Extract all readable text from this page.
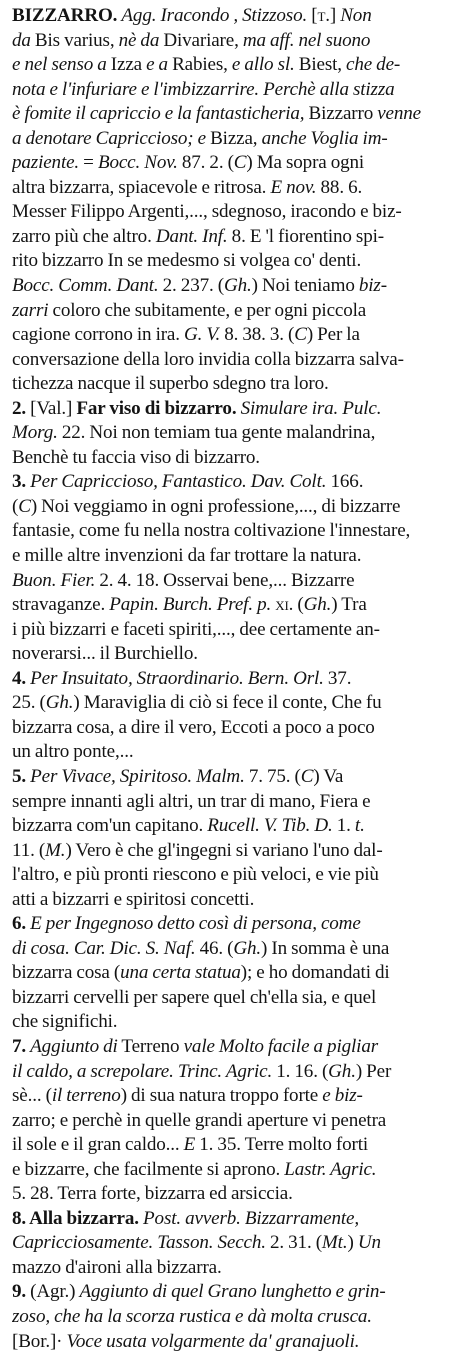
BIZZARRO. Agg. Iracondo , Stizzoso. [t.] Non
da Bis varius, nè da Divariare, ma aff. nel suono
e nel senso a Izza e a Rabies, e allo sl. Biest, che de-
nota e l'infuriare e l'imbizzarrire. Perchè alla stizza
è fomite il capriccio e la fantasticheria, Bizzarro venne
a denotare Capriccioso; e Bizza, anche Voglia im-
paziente. = Bocc. Nov. 87. 2. (C) Ma sopra ogni
altra bizzarra, spiacevole e ritrosa. E nov. 88. 6.
Messer Filippo Argenti,..., sdegnoso, iracondo e biz-
zarro più che altro. Dant. Inf. 8. E 'l fiorentino spi-
rito bizzarro In se medesmo si volgea co' denti.
Bocc. Comm. Dant. 2. 237. (Gh.) Noi teniamo biz-
zarri coloro che subitamente, e per ogni piccola
cagione corrono in ira. G. V. 8. 38. 3. (C) Per la
conversazione della loro invidia colla bizzarra salva-
tichezza nacque il superbo sdegno tra loro.
2. [Val.] Far viso di bizzarro. Simulare ira. Pulc.
Morg. 22. Noi non temiam tua gente malandrina,
Benchè tu faccia viso di bizzarro.
3. Per Capriccioso, Fantastico. Dav. Colt. 166.
(C) Noi veggiamo in ogni professione,..., di bizzarre
fantasie, come fu nella nostra coltivazione l'innestare,
e mille altre invenzioni da far trottare la natura.
Buon. Fier. 2. 4. 18. Osservai bene,... Bizzarre
stravaganze. Papin. Burch. Pref. p. xi. (Gh.) Tra
i più bizzarri e faceti spiriti,..., dee certamente an-
noverarsi... il Burchiello.
4. Per Insuitato, Straordinario. Bern. Orl. 37.
25. (Gh.) Maraviglia di ciò si fece il conte, Che fu
bizzarra cosa, a dire il vero, Eccoti a poco a poco
un altro ponte,...
5. Per Vivace, Spiritoso. Malm. 7. 75. (C) Va
sempre innanti agli altri, un trar di mano, Fiera e
bizzarra com'un capitano. Rucell. V. Tib. D. 1. t.
11. (M.) Vero è che gl'ingegni si variano l'uno dal-
l'altro, e più pronti riescono e più veloci, e vie più
atti a bizzarri e spiritosi concetti.
6. E per Ingegnoso detto così di persona, come
di cosa. Car. Dic. S. Naf. 46. (Gh.) In somma è una
bizzarra cosa (una certa statua); e ho domandati di
bizzarri cervelli per sapere quel ch'ella sia, e quel
che significhi.
7. Aggiunto di Terreno vale Molto facile a pigliar
il caldo, a screpolare. Trinc. Agric. 1. 16. (Gh.) Per
sè... (il terreno) di sua natura troppo forte e biz-
zarro; e perchè in quelle grandi aperture vi penetra
il sole e il gran caldo... E 1. 35. Terre molto forti
e bizzarre, che facilmente si aprono. Lastr. Agric.
5. 28. Terra forte, bizzarra ed arsiccia.
8. Alla bizzarra. Post. avverb. Bizzarramente,
Capricciosamente. Tasson. Secch. 2. 31. (Mt.) Un
mazzo d'aironi alla bizzarra.
9. (Agr.) Aggiunto di quel Grano lunghetto e grin-
zoso, che ha la scorza rustica e dà molta crusca.
[Bor.]· Voce usata volgarmente da' granajuoli.
